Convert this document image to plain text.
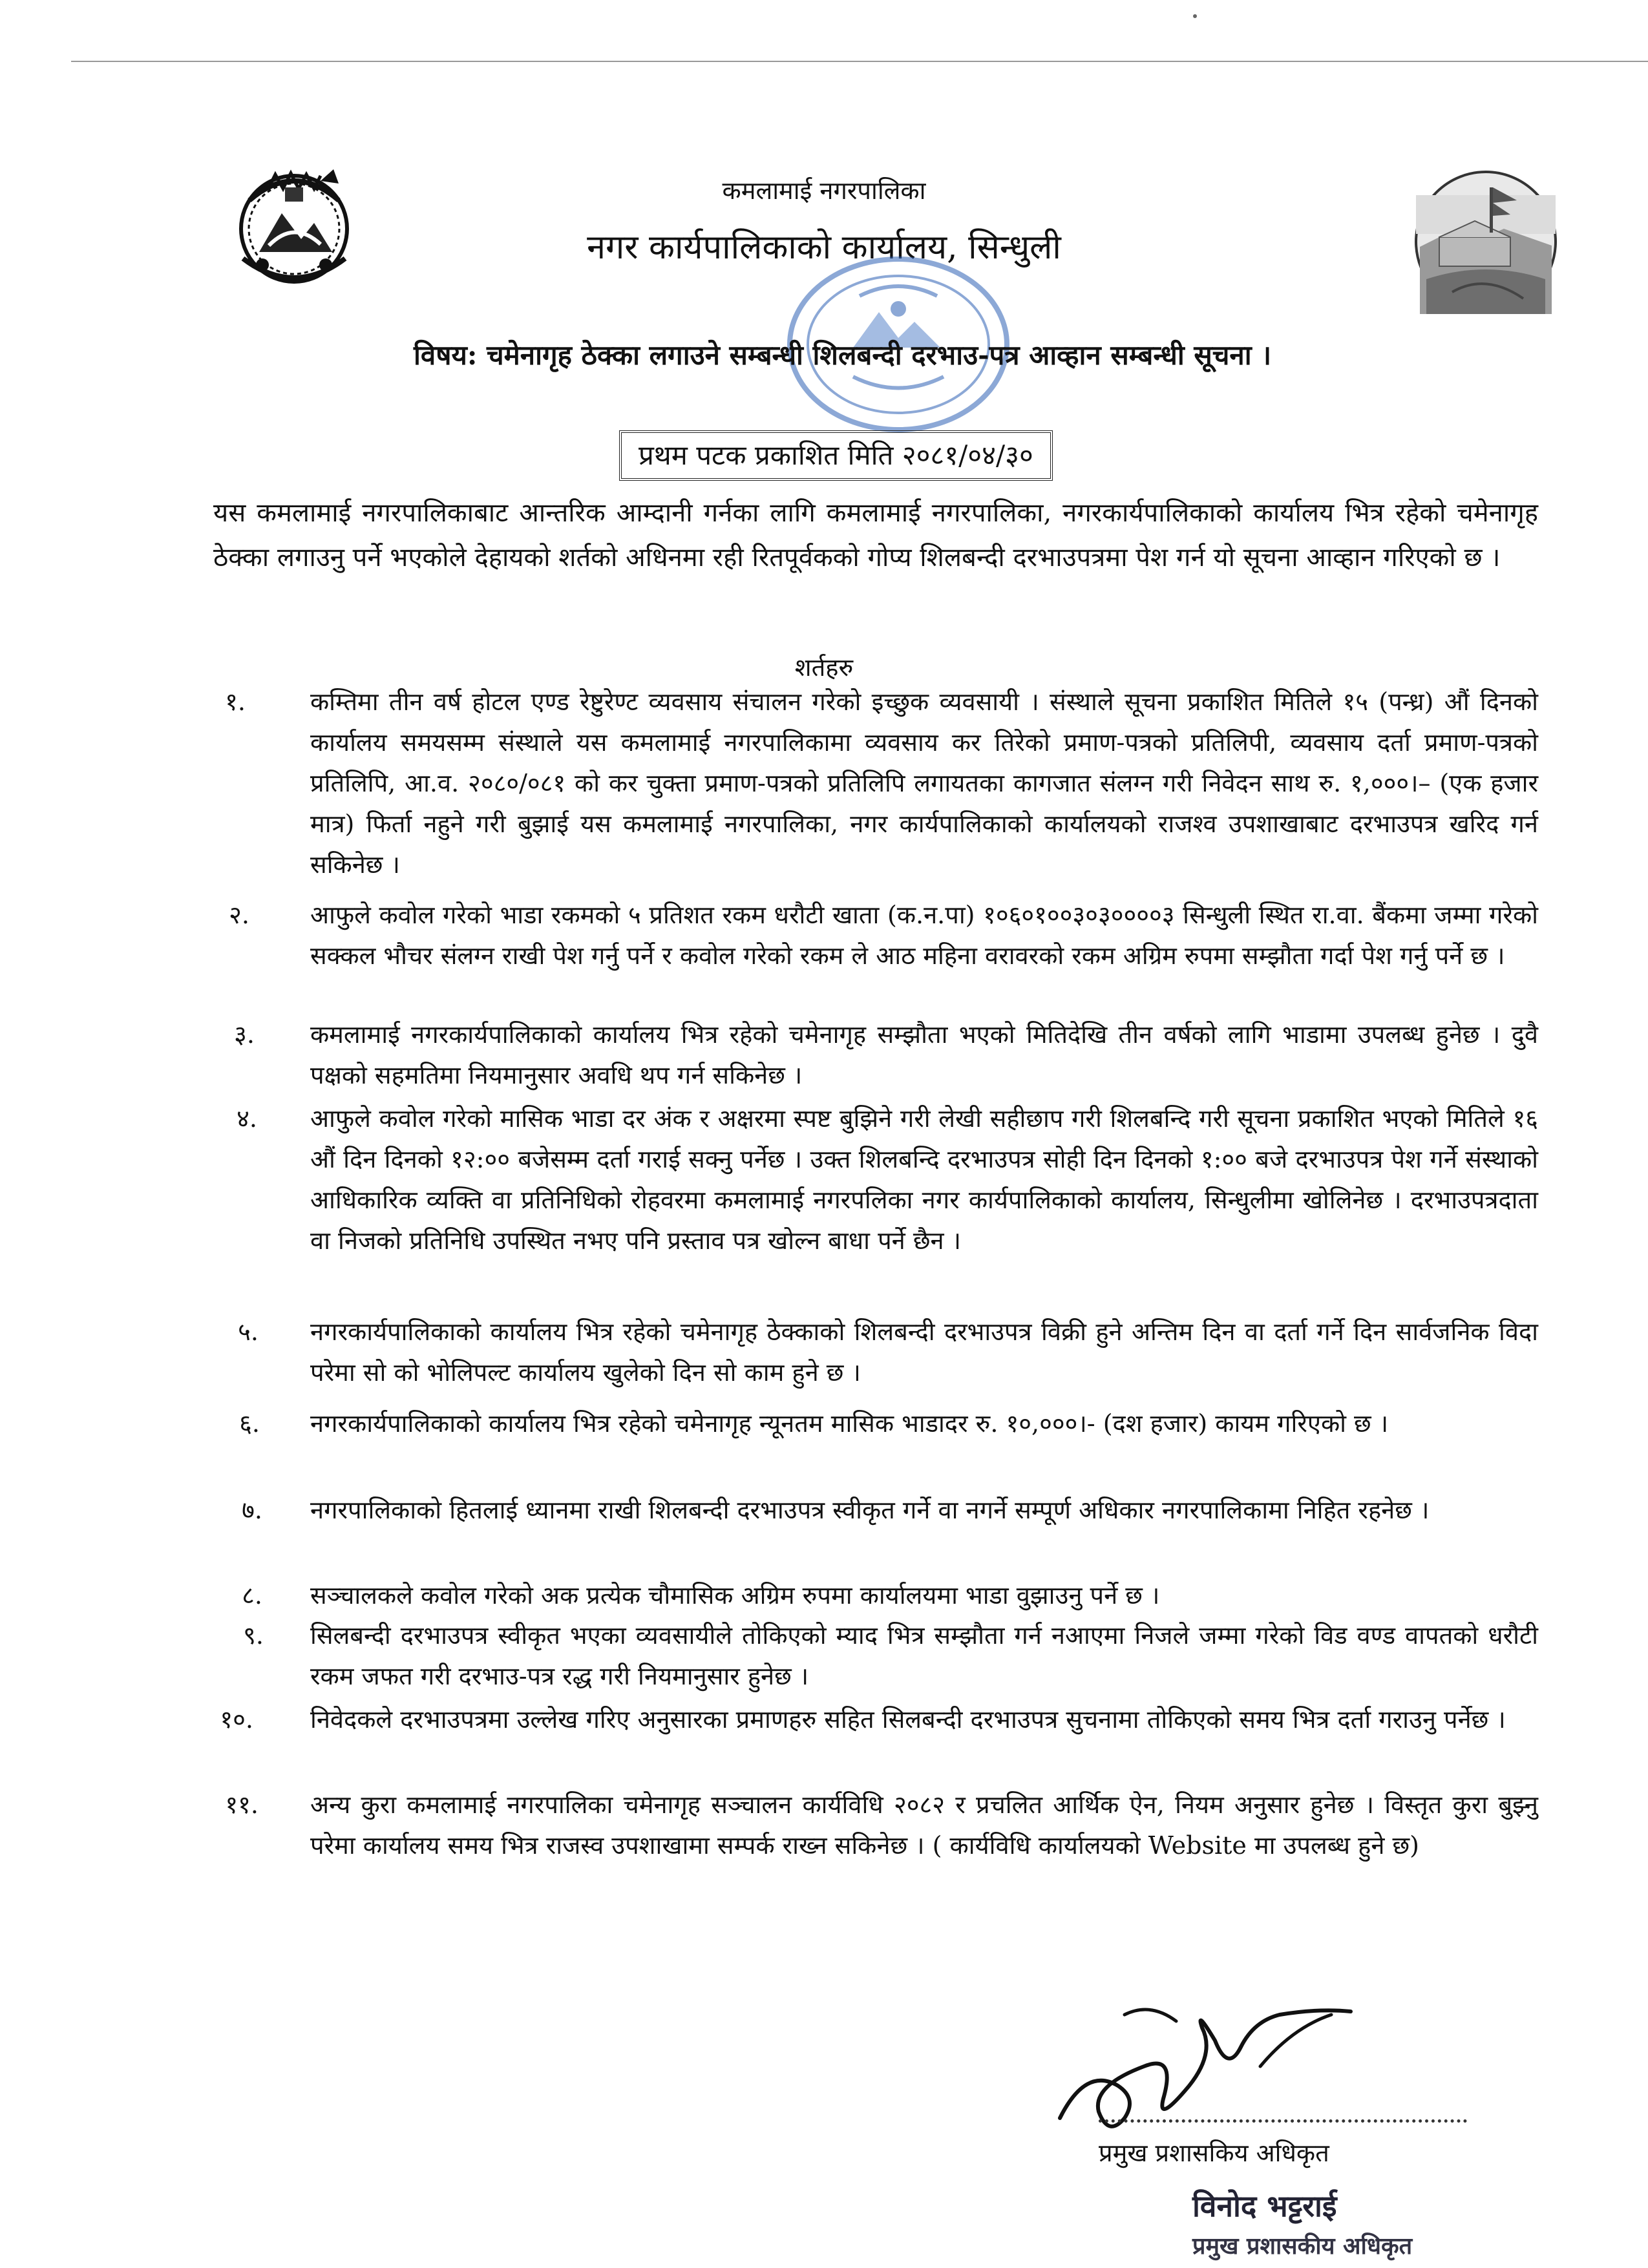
कमलामाई नगरपालिका
नगर कार्यपालिकाको कार्यालय, सिन्धुली
विषय: चमेनागृह ठेक्का लगाउने सम्बन्धी शिलबन्दी दरभाउ-पत्र आव्हान सम्बन्धी सूचना ।
प्रथम पटक प्रकाशित मिति २०८१/०४/३०
यस कमलामाई नगरपालिकाबाट आन्तरिक आम्दानी गर्नका लागि कमलामाई नगरपालिका, नगरकार्यपालिकाको कार्यालय भित्र रहेको चमेनागृह ठेक्का लगाउनु पर्ने भएकोले देहायको शर्तको अधिनमा रही रितपूर्वकको गोप्य शिलबन्दी दरभाउपत्रमा पेश गर्न यो सूचना आव्हान गरिएको छ ।
शर्तहरु
१.	कम्तिमा तीन वर्ष होटल एण्ड रेष्टुरेण्ट व्यवसाय संचालन गरेको इच्छुक व्यवसायी । संस्थाले सूचना प्रकाशित मितिले १५ (पन्ध्र) औं दिनको कार्यालय समयसम्म संस्थाले यस कमलामाई नगरपालिकामा व्यवसाय कर तिरेको प्रमाण-पत्रको प्रतिलिपी, व्यवसाय दर्ता प्रमाण-पत्रको प्रतिलिपि, आ.व. २०८०/०८१ को कर चुक्ता प्रमाण-पत्रको प्रतिलिपि लगायतका कागजात संलग्न गरी निवेदन साथ रु. १,०००।– (एक हजार मात्र) फिर्ता नहुने गरी बुझाई यस कमलामाई नगरपालिका, नगर कार्यपालिकाको कार्यालयको राजश्व उपशाखाबाट दरभाउपत्र खरिद गर्न सकिनेछ ।
२. आफुले कवोल गरेको भाडा रकमको ५ प्रतिशत रकम धरौटी खाता (क.न.पा) १०६०१००३०३००००३ सिन्धुली स्थित रा.वा. बैंकमा जम्मा गरेको सक्कल भौचर संलग्न राखी पेश गर्नु पर्ने र कवोल गरेको रकम ले आठ महिना वरावरको रकम अग्रिम रुपमा सम्झौता गर्दा पेश गर्नु पर्ने छ ।
३. कमलामाई नगरकार्यपालिकाको कार्यालय भित्र रहेको चमेनागृह सम्झौता भएको मितिदेखि तीन वर्षको लागि भाडामा उपलब्ध हुनेछ । दुवै पक्षको सहमतिमा नियमानुसार अवधि थप गर्न सकिनेछ ।
४. आफुले कवोल गरेको मासिक भाडा दर अंक र अक्षरमा स्पष्ट बुझिने गरी लेखी सहीछाप गरी शिलबन्दि गरी सूचना प्रकाशित भएको मितिले १६ औं दिन दिनको १२:०० बजेसम्म दर्ता गराई सक्नु पर्नेछ । उक्त शिलबन्दि दरभाउपत्र सोही दिन दिनको १:०० बजे दरभाउपत्र पेश गर्ने संस्थाको आधिकारिक व्यक्ति वा प्रतिनिधिको रोहवरमा कमलामाई नगरपलिका नगर कार्यपालिकाको कार्यालय, सिन्धुलीमा खोलिनेछ । दरभाउपत्रदाता वा निजको प्रतिनिधि उपस्थित नभए पनि प्रस्ताव पत्र खोल्न बाधा पर्ने छैन ।
५. नगरकार्यपालिकाको कार्यालय भित्र रहेको चमेनागृह ठेक्काको शिलबन्दी दरभाउपत्र विक्री हुने अन्तिम दिन वा दर्ता गर्ने दिन सार्वजनिक विदा परेमा सो को भोलिपल्ट कार्यालय खुलेको दिन सो काम हुने छ ।
६. नगरकार्यपालिकाको कार्यालय भित्र रहेको चमेनागृह न्यूनतम मासिक भाडादर रु. १०,०००।- (दश हजार) कायम गरिएको छ ।
७. नगरपालिकाको हितलाई ध्यानमा राखी शिलबन्दी दरभाउपत्र स्वीकृत गर्ने वा नगर्ने सम्पूर्ण अधिकार नगरपालिकामा निहित रहनेछ ।
८. सञ्चालकले कवोल गरेको अक प्रत्येक चौमासिक अग्रिम रुपमा कार्यालयमा भाडा वुझाउनु पर्ने छ ।
९. सिलबन्दी दरभाउपत्र स्वीकृत भएका व्यवसायीले तोकिएको म्याद भित्र सम्झौता गर्न नआएमा निजले जम्मा गरेको विड वण्ड वापतको धरौटी रकम जफत गरी दरभाउ-पत्र रद्ध गरी नियमानुसार हुनेछ ।
१०. निवेदकले दरभाउपत्रमा उल्लेख गरिए अनुसारका प्रमाणहरु सहित सिलबन्दी दरभाउपत्र सुचनामा तोकिएको समय भित्र दर्ता गराउनु पर्नेछ ।
११. अन्य कुरा कमलामाई नगरपालिका चमेनागृह सञ्चालन कार्यविधि २०८२ र प्रचलित आर्थिक ऐन, नियम अनुसार हुनेछ । विस्तृत कुरा बुझ्नु परेमा कार्यालय समय भित्र राजस्व उपशाखामा सम्पर्क राख्न सकिनेछ । ( कार्यविधि कार्यालयको Website मा उपलब्ध हुने छ)
प्रमुख प्रशासकिय अधिकृत
विनोद भट्टराई
प्रमुख प्रशासकीय अधिकृत
